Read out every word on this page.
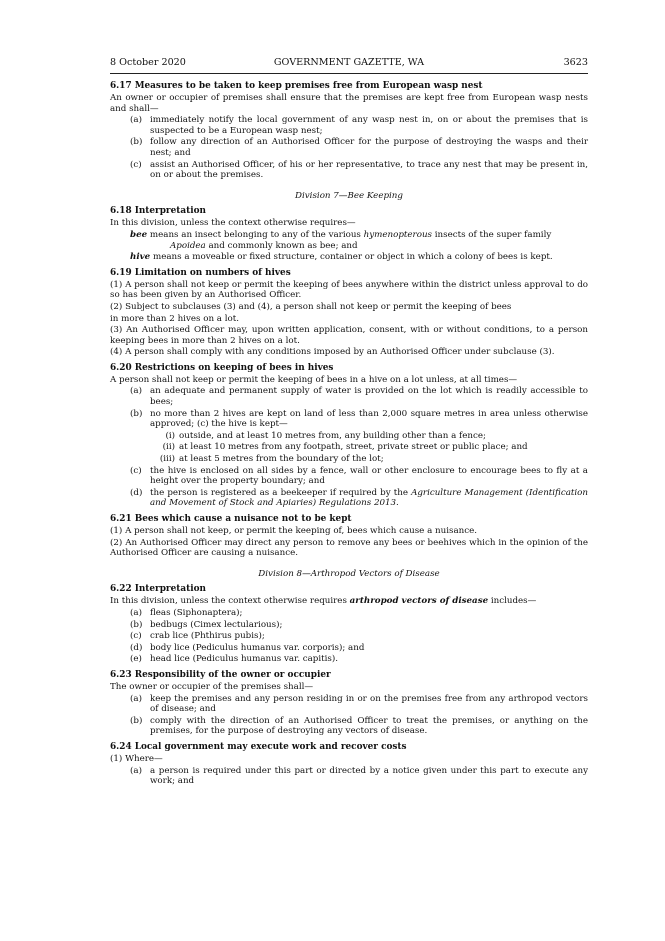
8 October 2020	GOVERNMENT GAZETTE, WA	3623
6.17 Measures to be taken to keep premises free from European wasp nest

An owner or occupier of premises shall ensure that the premises are kept free from European wasp nests and shall—

(a) immediately notify the local government of any wasp nest in, on or about the premises that is suspected to be a European wasp nest;
(b) follow any direction of an Authorised Officer for the purpose of destroying the wasps and their nest; and
(c) assist an Authorised Officer, of his or her representative, to trace any nest that may be present in, on or about the premises.
Division 7—Bee Keeping
6.18 Interpretation

In this division, unless the context otherwise requires—

bee means an insect belonging to any of the various hymenopterous insects of the super family
Apoidea and commonly known as bee; and

hive means a moveable or fixed structure, container or object in which a colony of bees is kept.

6.19 Limitation on numbers of hives

(1) A person shall not keep or permit the keeping of bees anywhere within the district unless approval to do so has been given by an Authorised Officer.

(2) Subject to subclauses (3) and (4), a person shall not keep or permit the keeping of bees

in more than 2 hives on a lot.

(3) An Authorised Officer may, upon written application, consent, with or without conditions, to a person keeping bees in more than 2 hives on a lot.

(4) A person shall comply with any conditions imposed by an Authorised Officer under subclause (3).

6.20 Restrictions on keeping of bees in hives

A person shall not keep or permit the keeping of bees in a hive on a lot unless, at all times—

(a) an adequate and permanent supply of water is provided on the lot which is readily accessible to bees;
(b) no more than 2 hives are kept on land of less than 2,000 square metres in area unless otherwise approved; (c) the hive is kept—
(i) outside, and at least 10 metres from, any building other than a fence;
(ii) at least 10 metres from any footpath, street, private street or public place; and
(iii) at least 5 metres from the boundary of the lot;
(c) the hive is enclosed on all sides by a fence, wall or other enclosure to encourage bees to fly at a height over the property boundary; and
(d) the person is registered as a beekeeper if required by the Agriculture Management (Identification and Movement of Stock and Apiaries) Regulations 2013.
6.21 Bees which cause a nuisance not to be kept

(1) A person shall not keep, or permit the keeping of, bees which cause a nuisance.

(2) An Authorised Officer may direct any person to remove any bees or beehives which in the opinion of the Authorised Officer are causing a nuisance.

Division 8—Arthropod Vectors of Disease
6.22 Interpretation

In this division, unless the context otherwise requires arthropod vectors of disease includes—

(a) fleas (Siphonaptera);
(b) bedbugs (Cimex lectularious);
(c) crab lice (Phthirus pubis);
(d) body lice (Pediculus humanus var. corporis); and
(e) head lice (Pediculus humanus var. capitis).
6.23 Responsibility of the owner or occupier

The owner or occupier of the premises shall—

(a) keep the premises and any person residing in or on the premises free from any arthropod vectors of disease; and
(b) comply with the direction of an Authorised Officer to treat the premises, or anything on the premises, for the purpose of destroying any vectors of disease.
6.24 Local government may execute work and recover costs

(1) Where—

(a) a person is required under this part or directed by a notice given under this part to execute any work; and
